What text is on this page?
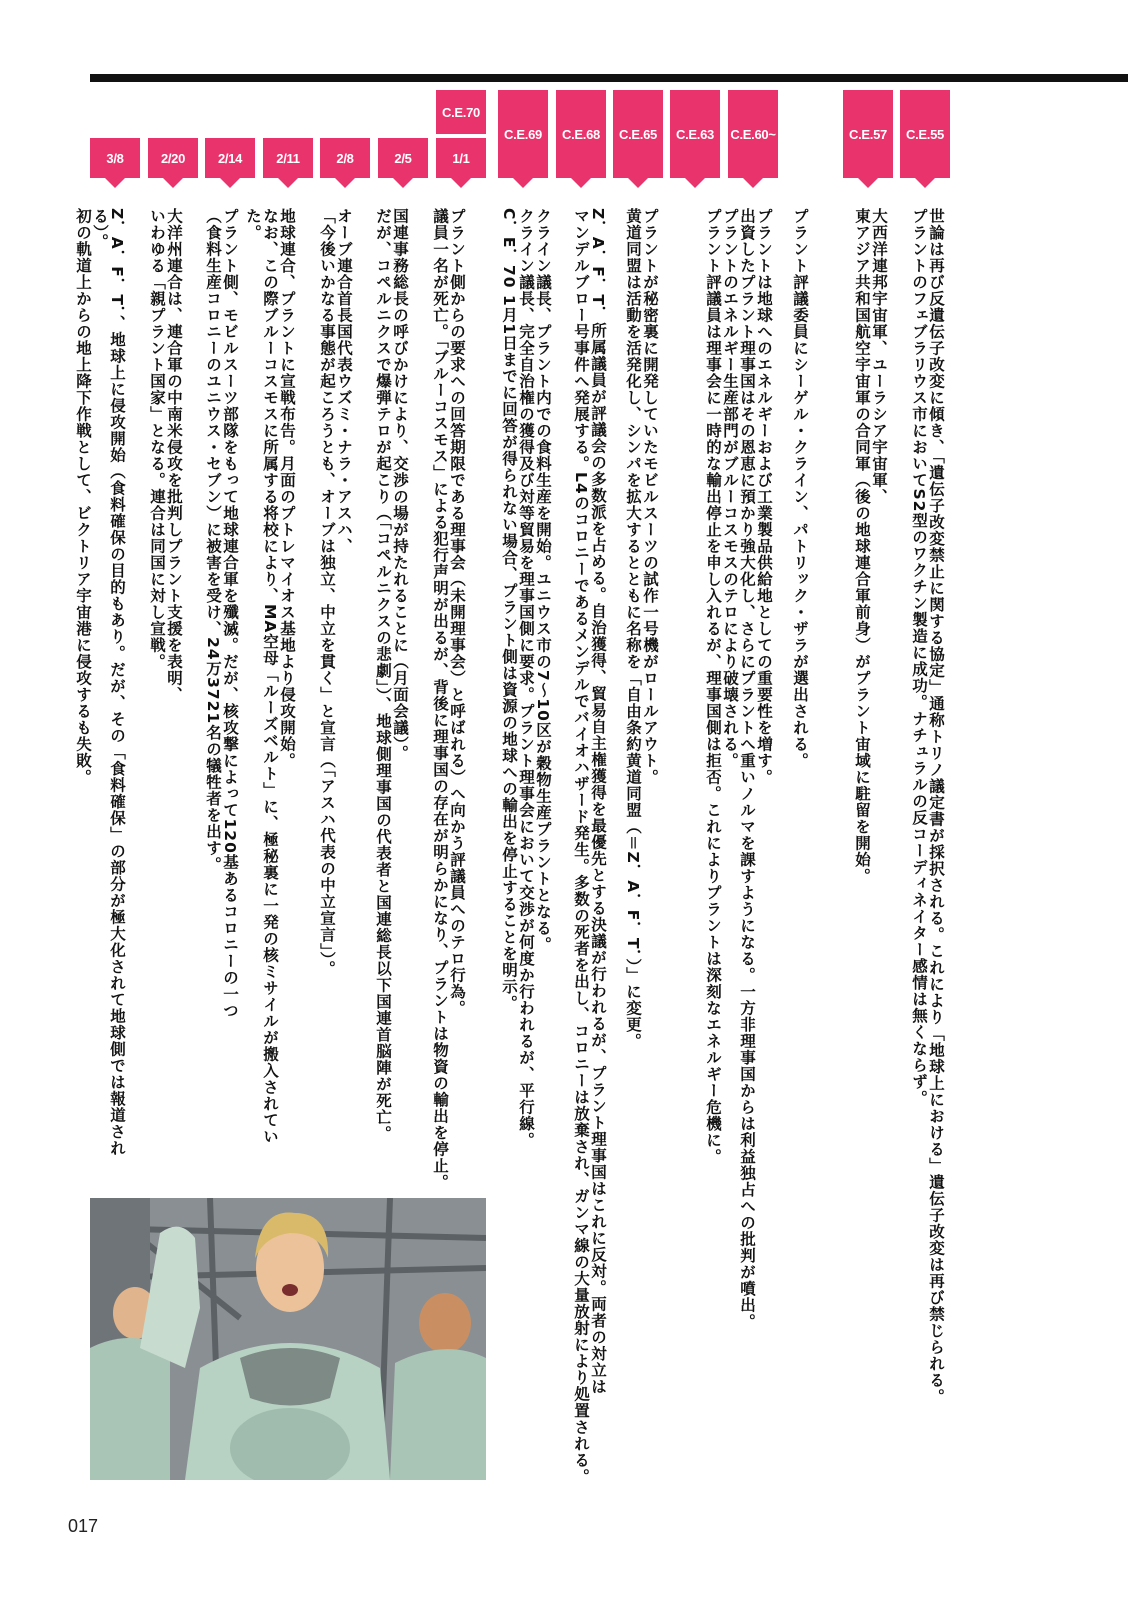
C.E.55
C.E.57
C.E.60~
C.E.63
C.E.65
C.E.68
C.E.69
C.E.70
1/1
2/5
2/8
2/11
2/14
2/20
3/8
世論は再び反遺伝子改変に傾き、「遺伝子改変禁止に関する協定」通称トリノ議定書が採択される。これにより「地球上における」遺伝子改変は再び禁じられる。
プラントのフェブラリウス市においてS2型のワクチン製造に成功。ナチュラルの反コーディネイター感情は無くならず。
大西洋連邦宇宙軍、ユーラシア宇宙軍、
東アジア共和国航空宇宙軍の合同軍（後の地球連合軍前身）がプラント宙域に駐留を開始。
プラント評議委員にシーゲル・クライン、パトリック・ザラが選出される。
プラントは地球へのエネルギーおよび工業製品供給地としての重要性を増す。
出資したプラント理事国はその恩恵に預かり強大化し、さらにプラントへ重いノルマを課すようになる。一方非理事国からは利益独占への批判が噴出。
プラントのエネルギー生産部門がブルーコスモスのテロにより破壊される。
プラント評議員は理事会に一時的な輸出停止を申し入れるが、理事国側は拒否。これによりプラントは深刻なエネルギー危機に。
プラントが秘密裏に開発していたモビルスーツの試作一号機がロールアウト。
黄道同盟は活動を活発化し、シンパを拡大するとともに名称を「自由条約黄道同盟（＝Z．A．F．T．）」に変更。
Z．A．F．T．所属議員が評議会の多数派を占める。自治獲得、貿易自主権獲得を最優先とする決議が行われるが、プラント理事国はこれに反対。両者の対立は
マンデルブロー号事件へ発展する。L4のコロニーであるメンデルでバイオハザード発生。多数の死者を出し、コロニーは放棄され、ガンマ線の大量放射により処置される。
クライン議長、プラント内での食料生産を開始。ユニウス市の7～10区が穀物生産プラントとなる。
クライン議長、完全自治権の獲得及び対等貿易を理事国側に要求。プラント理事会において交渉が何度か行われるが、平行線。
C．E．70 1月1日までに回答が得られない場合、プラント側は資源の地球への輸出を停止することを明示。
プラント側からの要求への回答期限である理事会（未開理事会）と呼ばれる）へ向かう評議員へのテロ行為。
議員一名が死亡。「ブルーコスモス」による犯行声明が出るが、背後に理事国の存在が明らかになり、プラントは物資の輸出を停止。
国連事務総長の呼びかけにより、交渉の場が持たれることに（月面会議）。
だが、コペルニクスで爆弾テロが起こり（「コペルニクスの悲劇」）、地球側理事国の代表者と国連総長以下国連首脳陣が死亡。
オーブ連合首長国代表ウズミ・ナラ・アスハ、
「今後いかなる事態が起ころうとも、オーブは独立、中立を貫く」と宣言（「アスハ代表の中立宣言」）。
地球連合、プラントに宣戦布告。月面のプトレマイオス基地より侵攻開始。
なお、この際ブルーコスモスに所属する将校により、MA空母「ルーズベルト」に、極秘裏に一発の核ミサイルが搬入されていた。
プラント側、モビルスーツ部隊をもって地球連合軍を殲滅。だが、核攻撃によって120基あるコロニーの一つ
（食料生産コロニーのユニウス・セブン）に被害を受け、24万3721名の犠牲者を出す。
大洋州連合は、連合軍の中南米侵攻を批判しプラント支援を表明、
いわゆる「親プラント国家」となる。連合は同国に対し宣戦。
Z．A．F．T．、地球上に侵攻開始（食料確保の目的もあり。だが、その「食料確保」の部分が極大化されて地球側では報道される）。
初の軌道上からの地上降下作戦として、ビクトリア宇宙港に侵攻するも失敗。
017
